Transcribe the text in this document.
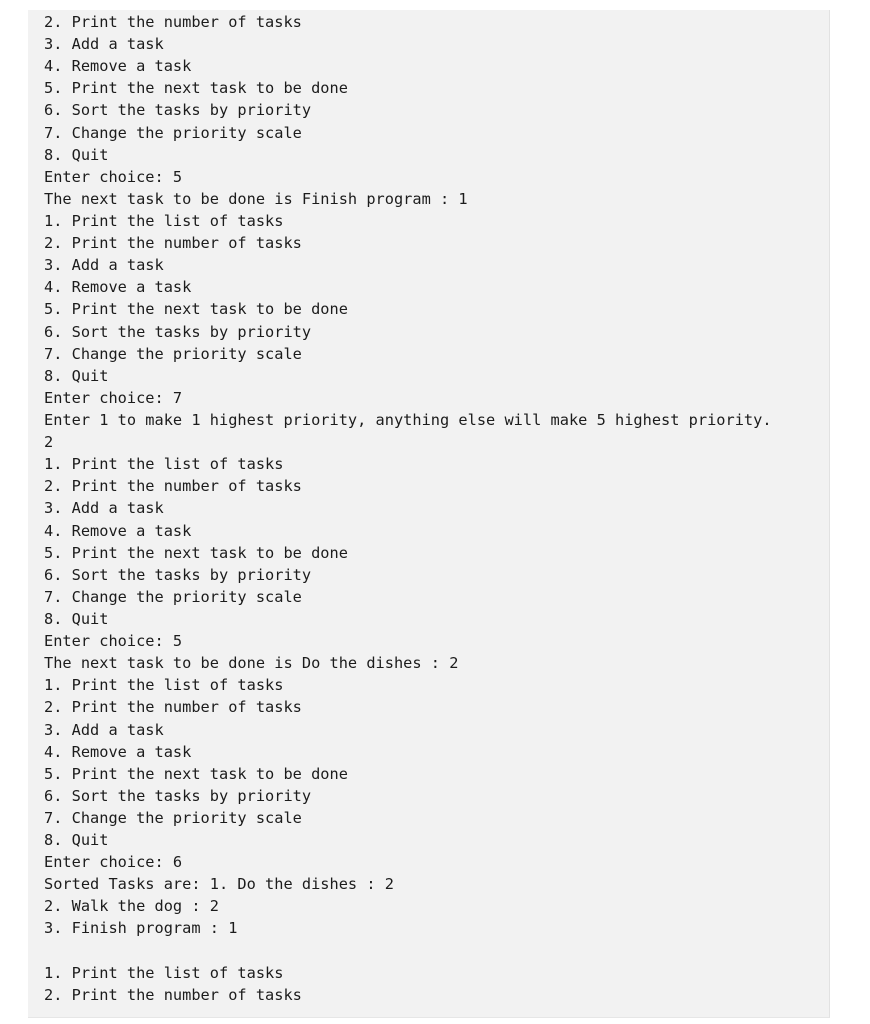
2. Print the number of tasks
3. Add a task
4. Remove a task
5. Print the next task to be done
6. Sort the tasks by priority
7. Change the priority scale
8. Quit
Enter choice: 5
The next task to be done is Finish program : 1
1. Print the list of tasks
2. Print the number of tasks
3. Add a task
4. Remove a task
5. Print the next task to be done
6. Sort the tasks by priority
7. Change the priority scale
8. Quit
Enter choice: 7
Enter 1 to make 1 highest priority, anything else will make 5 highest priority.
2
1. Print the list of tasks
2. Print the number of tasks
3. Add a task
4. Remove a task
5. Print the next task to be done
6. Sort the tasks by priority
7. Change the priority scale
8. Quit
Enter choice: 5
The next task to be done is Do the dishes : 2
1. Print the list of tasks
2. Print the number of tasks
3. Add a task
4. Remove a task
5. Print the next task to be done
6. Sort the tasks by priority
7. Change the priority scale
8. Quit
Enter choice: 6
Sorted Tasks are: 1. Do the dishes : 2
2. Walk the dog : 2
3. Finish program : 1
1. Print the list of tasks
2. Print the number of tasks
